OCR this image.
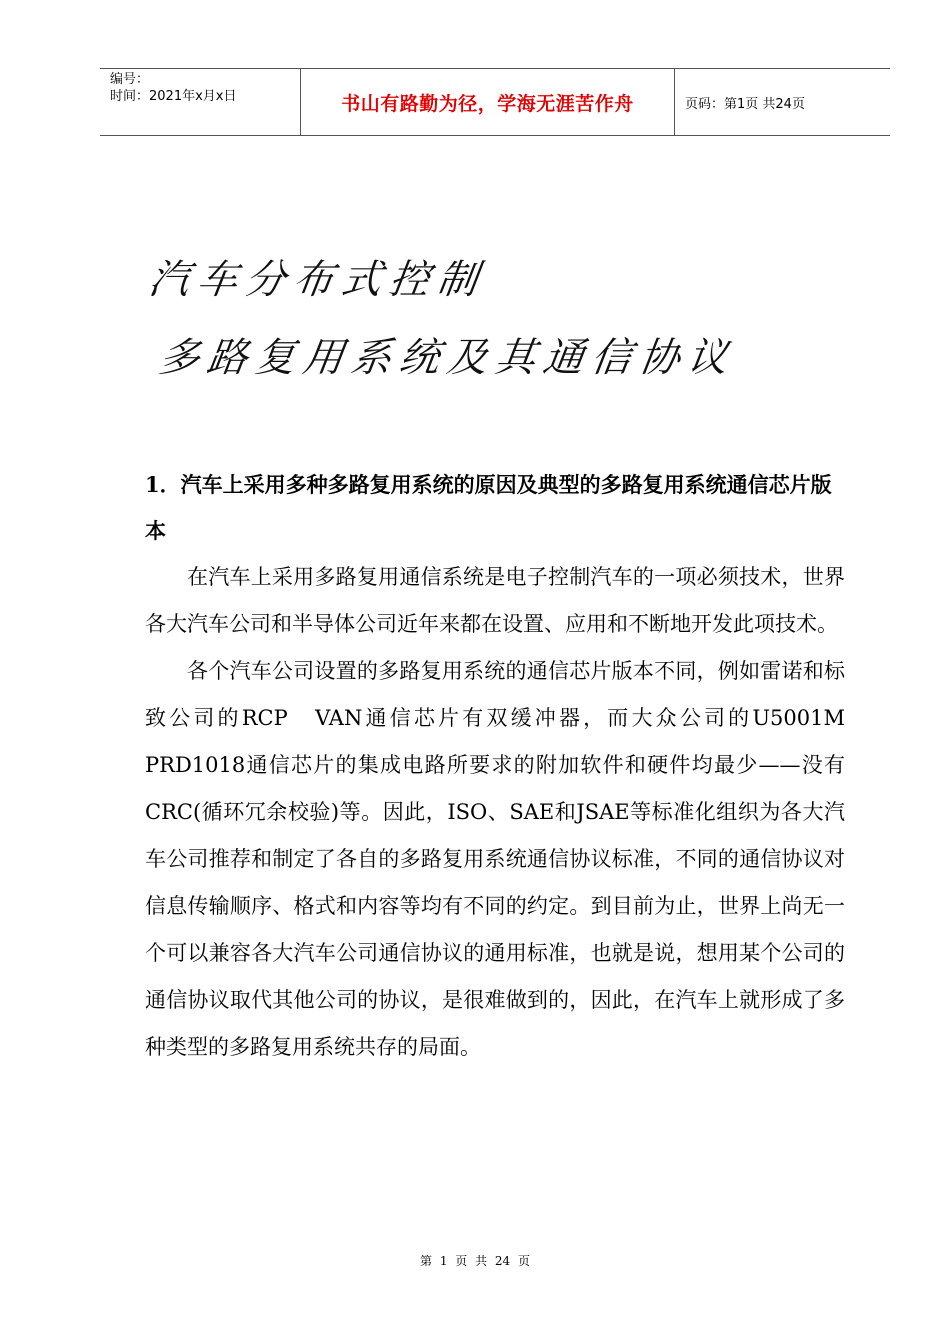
编号：
时间：2021年x月x日	书山有路勤为径，学海无涯苦作舟	页码：第1页 共24页
汽车分布式控制
多路复用系统及其通信协议

1．汽车上采用多种多路复用系统的原因及典型的多路复用系统通信芯片版本

在汽车上采用多路复用通信系统是电子控制汽车的一项必须技术，世界各大汽车公司和半导体公司近年来都在设置、应用和不断地开发此项技术。

各个汽车公司设置的多路复用系统的通信芯片版本不同，例如雷诺和标致公司的RCP　VAN通信芯片有双缓冲器，而大众公司的U5001M PRD1018通信芯片的集成电路所要求的附加软件和硬件均最少——没有CRC(循环冗余校验)等。因此，ISO、SAE和JSAE等标准化组织为各大汽车公司推荐和制定了各自的多路复用系统通信协议标准，不同的通信协议对信息传输顺序、格式和内容等均有不同的约定。到目前为止，世界上尚无一个可以兼容各大汽车公司通信协议的通用标准，也就是说，想用某个公司的通信协议取代其他公司的协议，是很难做到的，因此，在汽车上就形成了多种类型的多路复用系统共存的局面。

第 1 页 共 24 页
